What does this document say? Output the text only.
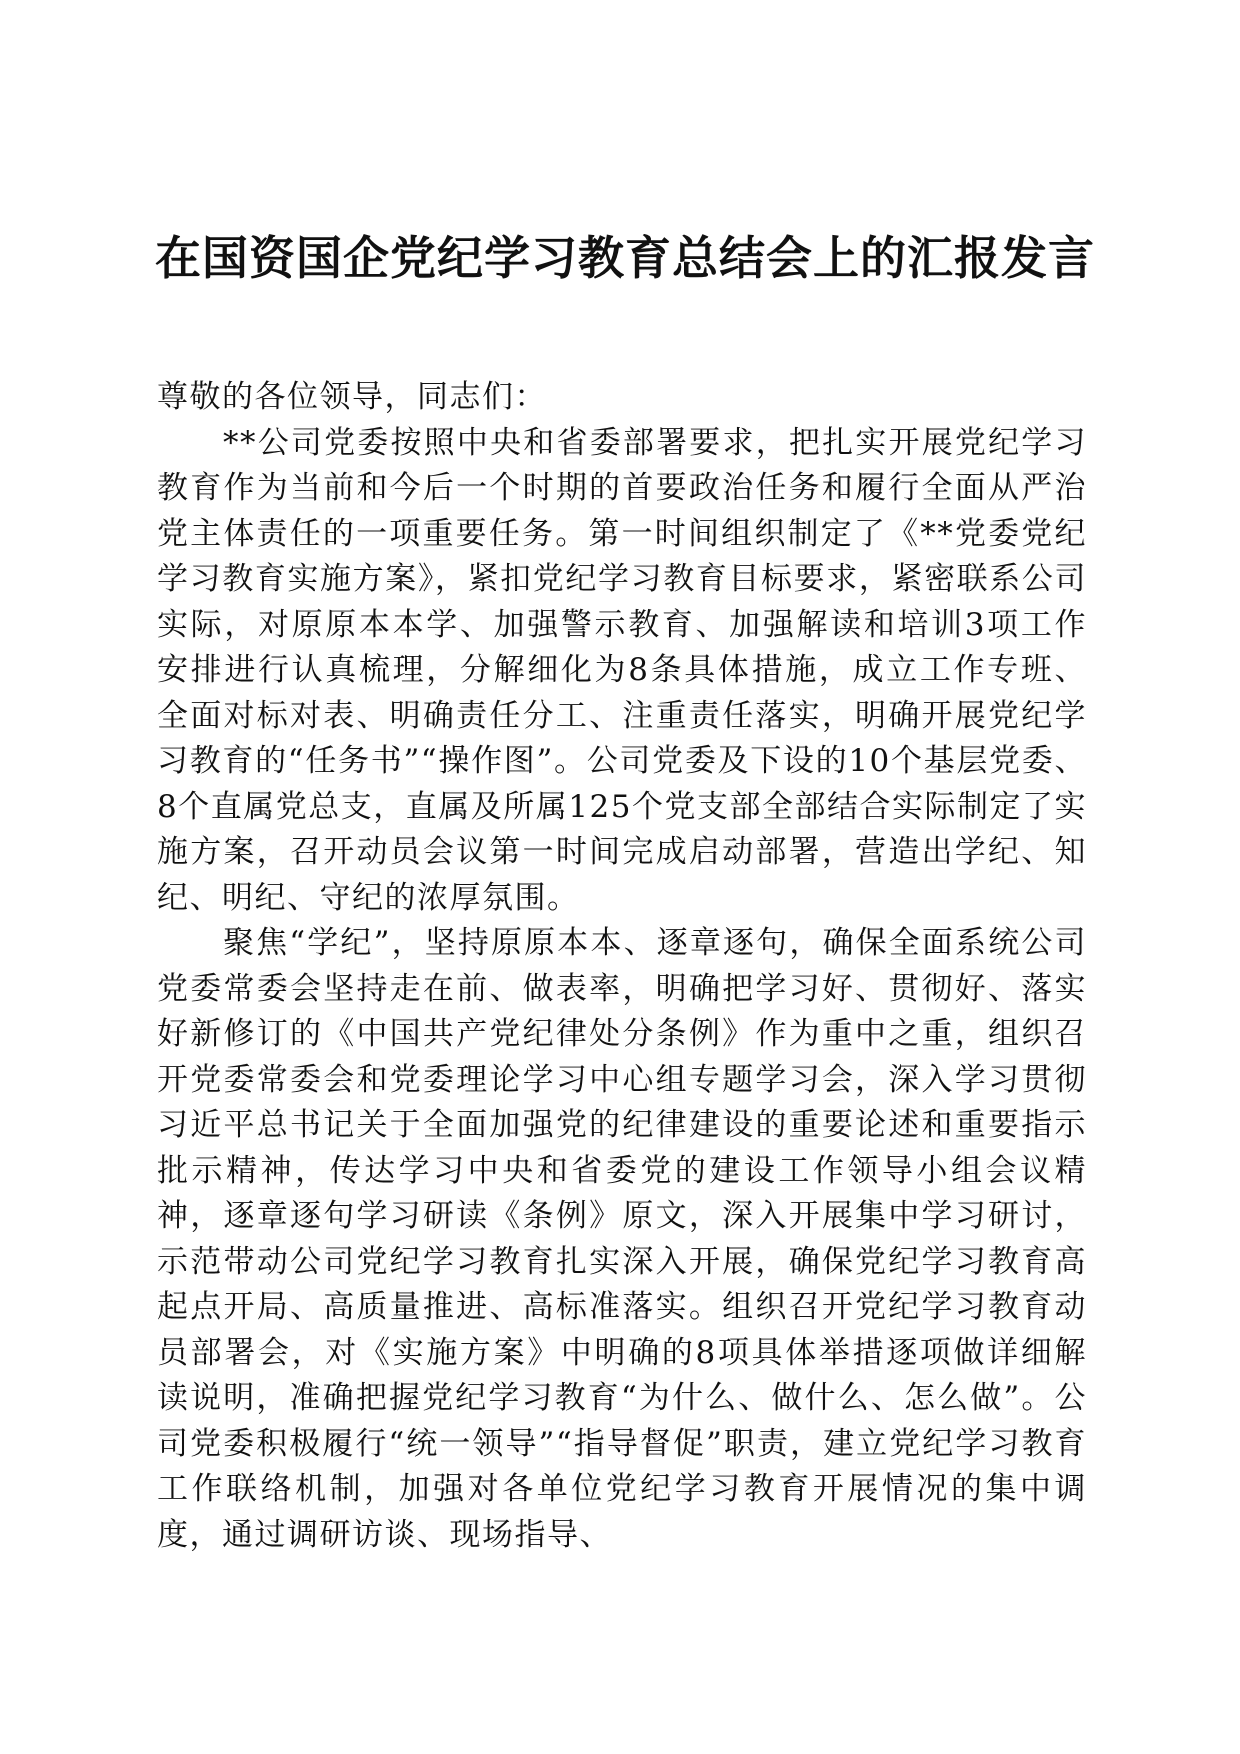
在国资国企党纪学习教育总结会上的汇报发言

尊敬的各位领导，同志们：

**公司党委按照中央和省委部署要求，把扎实开展党纪学习教育作为当前和今后一个时期的首要政治任务和履行全面从严治党主体责任的一项重要任务。第一时间组织制定了《**党委党纪学习教育实施方案》，紧扣党纪学习教育目标要求，紧密联系公司实际，对原原本本学、加强警示教育、加强解读和培训3项工作安排进行认真梳理，分解细化为8条具体措施，成立工作专班、全面对标对表、明确责任分工、注重责任落实，明确开展党纪学习教育的“任务书”“操作图”。公司党委及下设的10个基层党委、8个直属党总支，直属及所属125个党支部全部结合实际制定了实施方案，召开动员会议第一时间完成启动部署，营造出学纪、知纪、明纪、守纪的浓厚氛围。

聚焦“学纪”，坚持原原本本、逐章逐句，确保全面系统公司党委常委会坚持走在前、做表率，明确把学习好、贯彻好、落实好新修订的《中国共产党纪律处分条例》作为重中之重，组织召开党委常委会和党委理论学习中心组专题学习会，深入学习贯彻习近平总书记关于全面加强党的纪律建设的重要论述和重要指示批示精神，传达学习中央和省委党的建设工作领导小组会议精神，逐章逐句学习研读《条例》原文，深入开展集中学习研讨，示范带动公司党纪学习教育扎实深入开展，确保党纪学习教育高起点开局、高质量推进、高标准落实。组织召开党纪学习教育动员部署会，对《实施方案》中明确的8项具体举措逐项做详细解读说明，准确把握党纪学习教育“为什么、做什么、怎么做”。公司党委积极履行“统一领导”“指导督促”职责，建立党纪学习教育工作联络机制，加强对各单位党纪学习教育开展情况的集中调度，通过调研访谈、现场指导、
